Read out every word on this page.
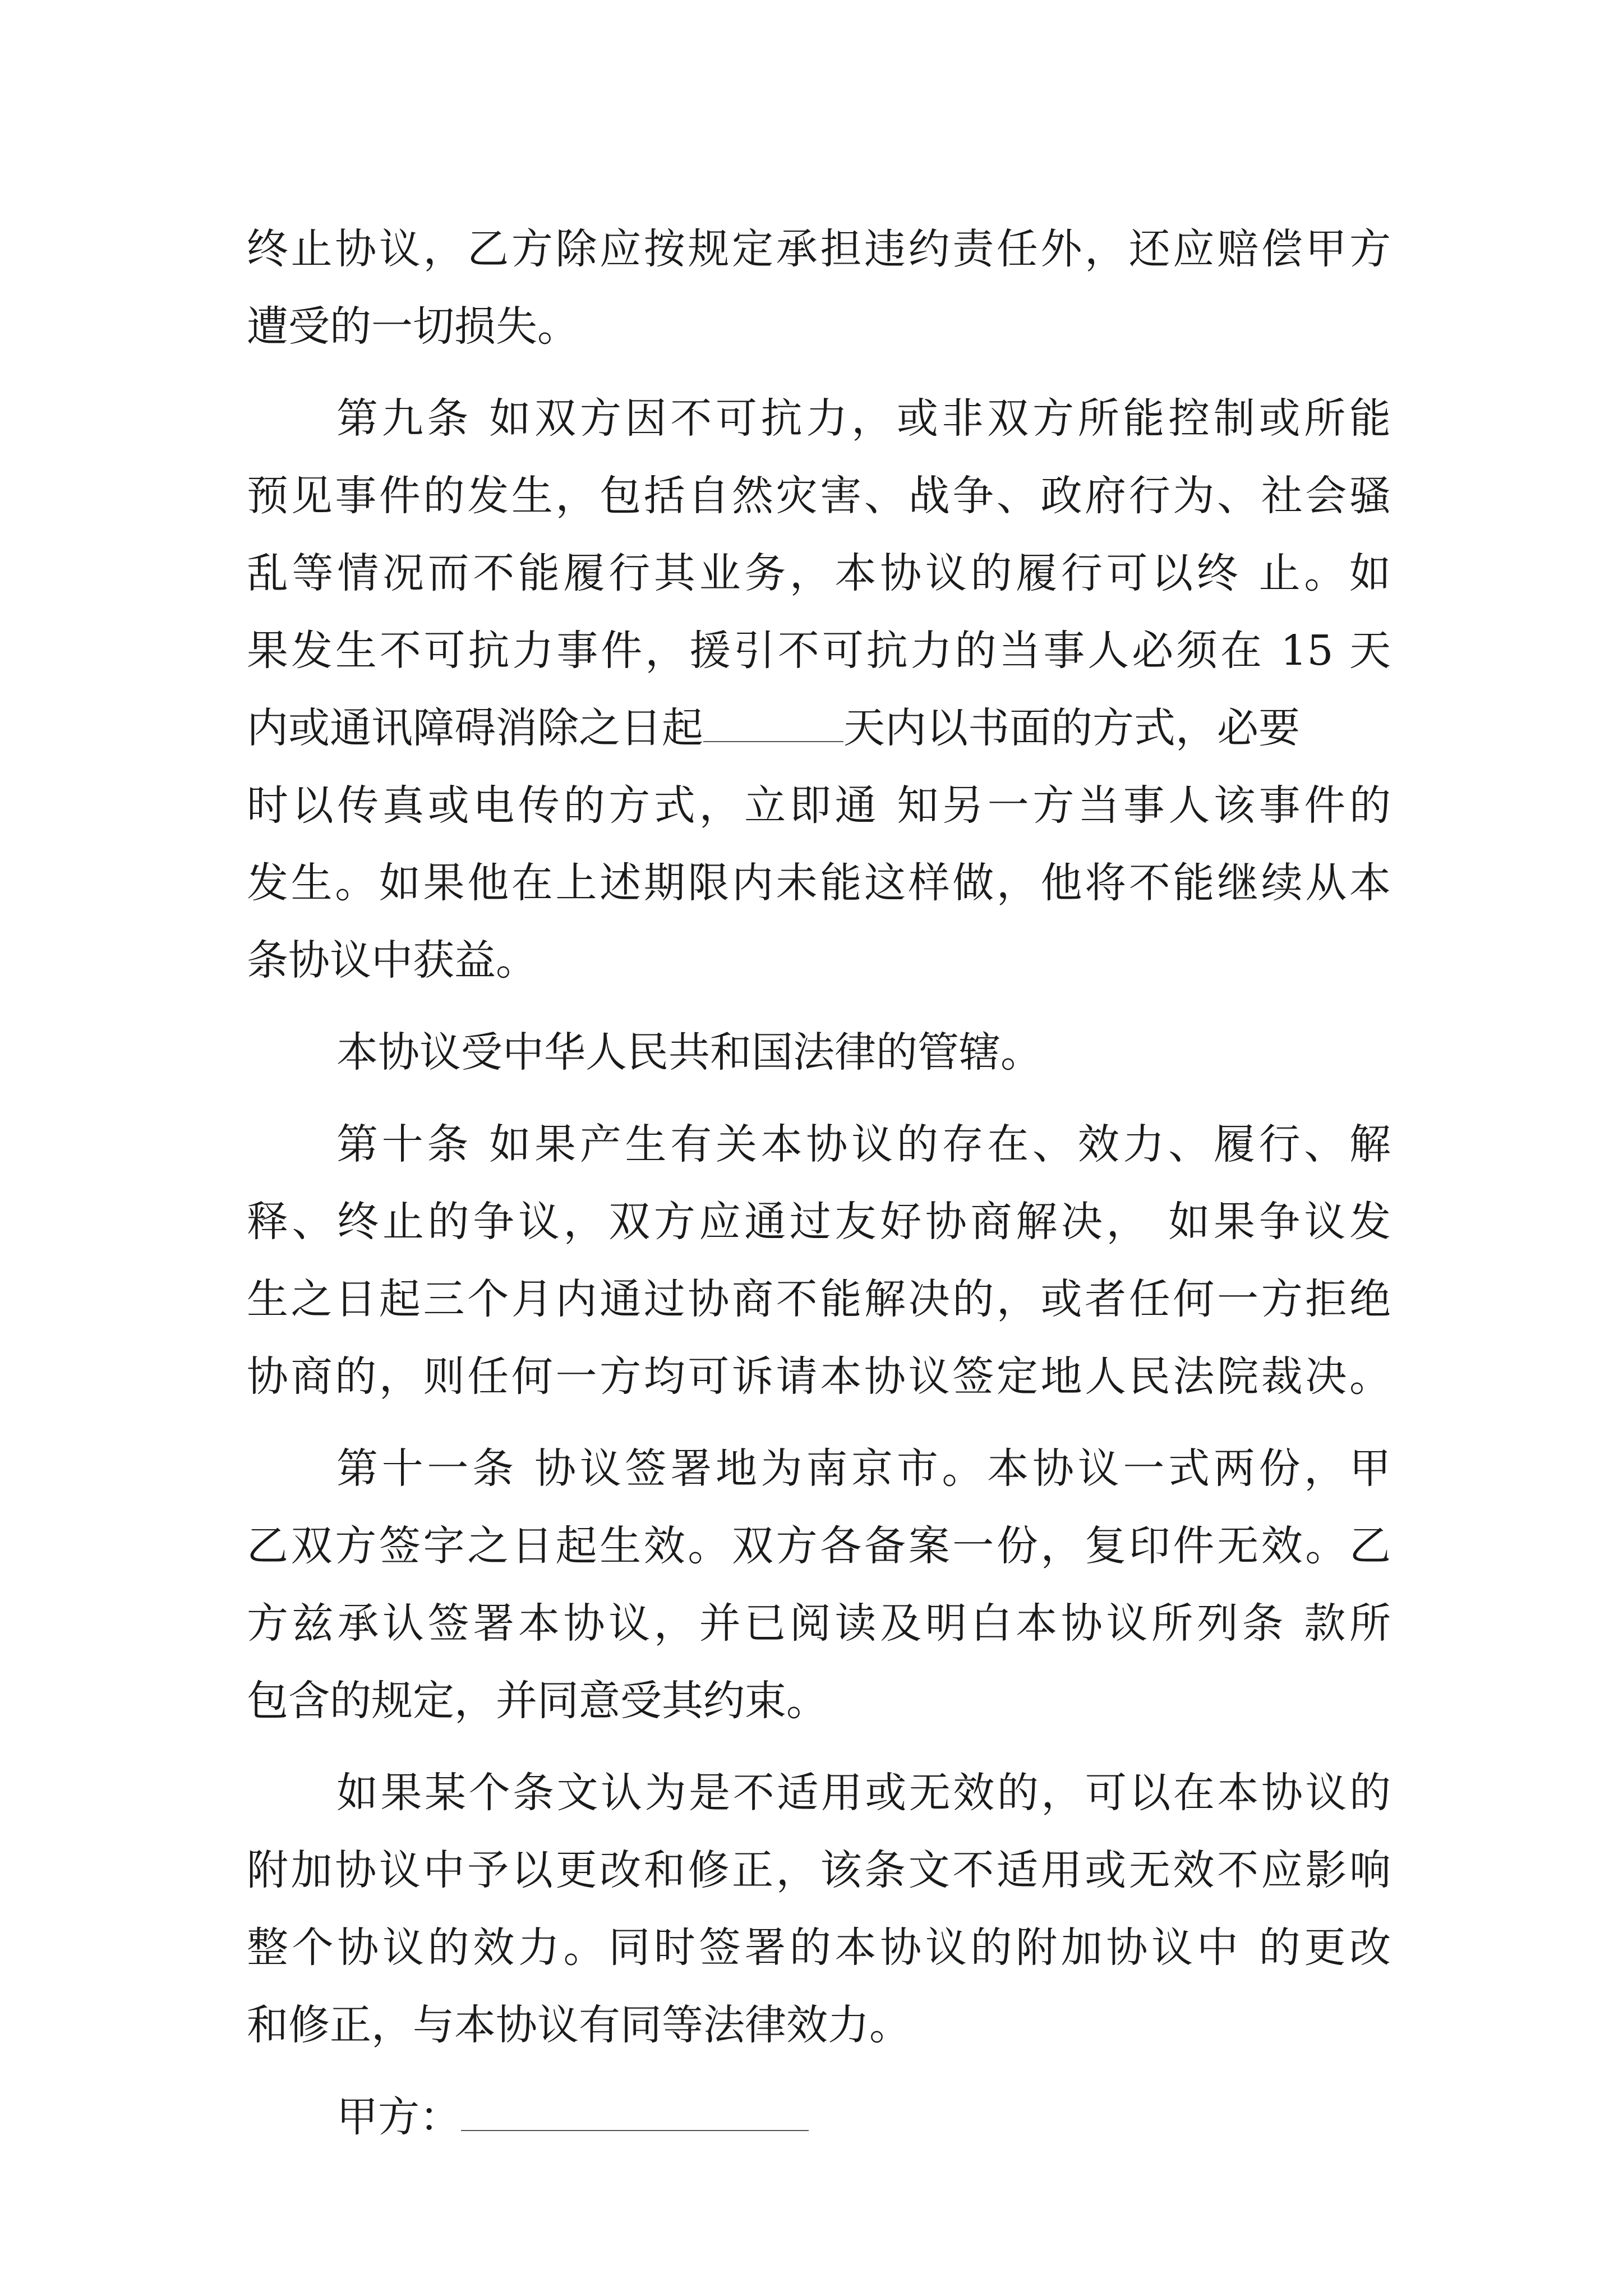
终止协议，乙方除应按规定承担违约责任外，还应赔偿甲方
遭受的一切损失。
第九条 如双方因不可抗力，或非双方所能控制或所能
预见事件的发生，包括自然灾害、战争、政府行为、社会骚
乱等情况而不能履行其业务，本协议的履行可以终 止。如
果发生不可抗力事件，援引不可抗力的当事人必须在 15 天
内或通讯障碍消除之日起	天内以书面的方式，必要
时以传真或电传的方式，立即通 知另一方当事人该事件的
发生。如果他在上述期限内未能这样做，他将不能继续从本
条协议中获益。
本协议受中华人民共和国法律的管辖。
第十条 如果产生有关本协议的存在、效力、履行、解
释、终止的争议，双方应通过友好协商解决， 如果争议发
生之日起三个月内通过协商不能解决的，或者任何一方拒绝
协商的，则任何一方均可诉请本协议签定地人民法院裁决。
第十一条 协议签署地为南京市。本协议一式两份，甲
乙双方签字之日起生效。双方各备案一份，复印件无效。乙
方兹承认签署本协议，并已阅读及明白本协议所列条 款所
包含的规定，并同意受其约束。
如果某个条文认为是不适用或无效的，可以在本协议的
附加协议中予以更改和修正，该条文不适用或无效不应影响
整个协议的效力。同时签署的本协议的附加协议中 的更改
和修正，与本协议有同等法律效力。
甲方：
